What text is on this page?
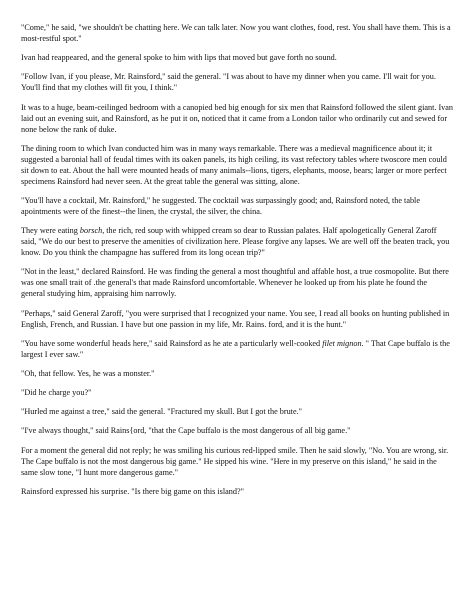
"Come," he said, "we shouldn't be chatting here. We can talk later. Now you want clothes, food, rest. You shall have them. This is a most-restful spot."

Ivan had reappeared, and the general spoke to him with lips that moved but gave forth no sound.

"Follow Ivan, if you please, Mr. Rainsford," said the general. "I was about to have my dinner when you came. I'll wait for you. You'll find that my clothes will fit you, I think."

It was to a huge, beam-ceilinged bedroom with a canopied bed big enough for six men that Rainsford followed the silent giant. Ivan laid out an evening suit, and Rainsford, as he put it on, noticed that it came from a London tailor who ordinarily cut and sewed for none below the rank of duke.

The dining room to which Ivan conducted him was in many ways remarkable. There was a medieval magnificence about it; it suggested a baronial hall of feudal times with its oaken panels, its high ceiling, its vast refectory tables where twoscore men could sit down to eat. About the hall were mounted heads of many animals--lions, tigers, elephants, moose, bears; larger or more perfect specimens Rainsford had never seen. At the great table the general was sitting, alone.

"You'll have a cocktail, Mr. Rainsford," he suggested. The cocktail was surpassingly good; and, Rainsford noted, the table apointments were of the finest--the linen, the crystal, the silver, the china.

They were eating borsch, the rich, red soup with whipped cream so dear to Russian palates. Half apologetically General Zaroff said, "We do our best to preserve the amenities of civilization here. Please forgive any lapses. We are well off the beaten track, you know. Do you think the champagne has suffered from its long ocean trip?"

"Not in the least," declared Rainsford. He was finding the general a most thoughtful and affable host, a true cosmopolite. But there was one small trait of .the general's that made Rainsford uncomfortable. Whenever he looked up from his plate he found the general studying him, appraising him narrowly.

"Perhaps," said General Zaroff, "you were surprised that I recognized your name. You see, I read all books on hunting published in English, French, and Russian. I have but one passion in my life, Mr. Rains. ford, and it is the hunt."

"You have some wonderful heads here," said Rainsford as he ate a particularly well-cooked filet mignon. " That Cape buffalo is the largest I ever saw."

"Oh, that fellow. Yes, he was a monster."

"Did he charge you?"

"Hurled me against a tree," said the general. "Fractured my skull. But I got the brute."

"I've always thought," said Rains{ord, "that the Cape buffalo is the most dangerous of all big game."

For a moment the general did not reply; he was smiling his curious red-lipped smile. Then he said slowly, "No. You are wrong, sir. The Cape buffalo is not the most dangerous big game." He sipped his wine. "Here in my preserve on this island," he said in the same slow tone, "I hunt more dangerous game."

Rainsford expressed his surprise. "Is there big game on this island?"
